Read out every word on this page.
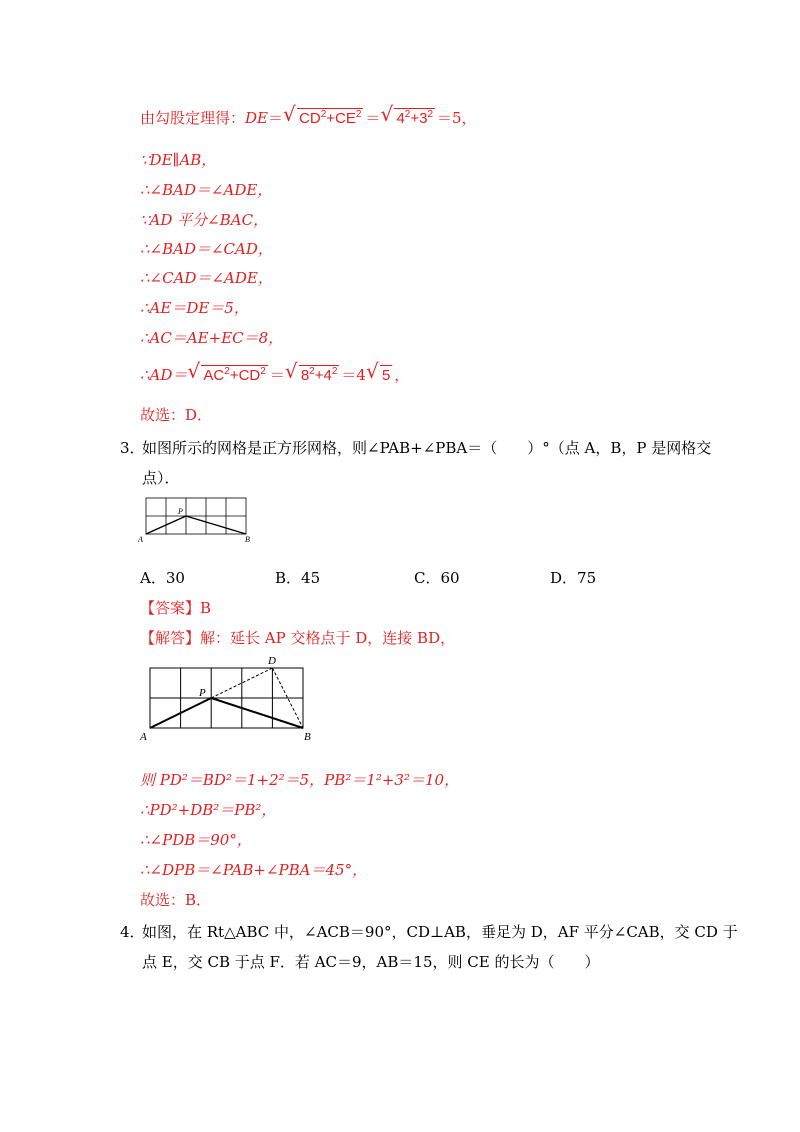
由勾股定理得：DE＝ √ $CD^2+CE^2$ ＝ √ $4^2+3^2 =5$，
∵DE∥AB，
∴∠BAD＝∠ADE，
∵AD 平分∠BAC，
∴∠BAD＝∠CAD，
∴∠CAD＝∠ADE，
∴AE＝DE＝5，
∴AC＝AE+EC＝8，
∴AD＝ √ $AC^2+CD^2$ ＝ √ $8^2+4^2 =4$ √ 5 ，
故选：D．
3．
如图所示的网格是正方形网格，则∠PAB+∠PBA＝（　　）°（点 A，B，P 是网格交
点）．
A	B
P
A．30	B．45	C．60	D．75
【答案】B
【解答】解：延长 AP 交格点于 D，连接 BD，
A	B
P
D
则 PD²＝BD²＝1+2²＝5，PB²＝1²+3²＝10，
∴PD²+DB²＝PB²，
∴∠PDB＝90°，
∴∠DPB＝∠PAB+∠PBA＝45°，
故选：B．
4．
如图，在 Rt△ABC 中，∠ACB＝90°，CD⊥AB，垂足为 D，AF 平分∠CAB，交 CD 于
点 E，交 CB 于点 F．若 AC＝9，AB＝15，则 CE 的长为（　　）
